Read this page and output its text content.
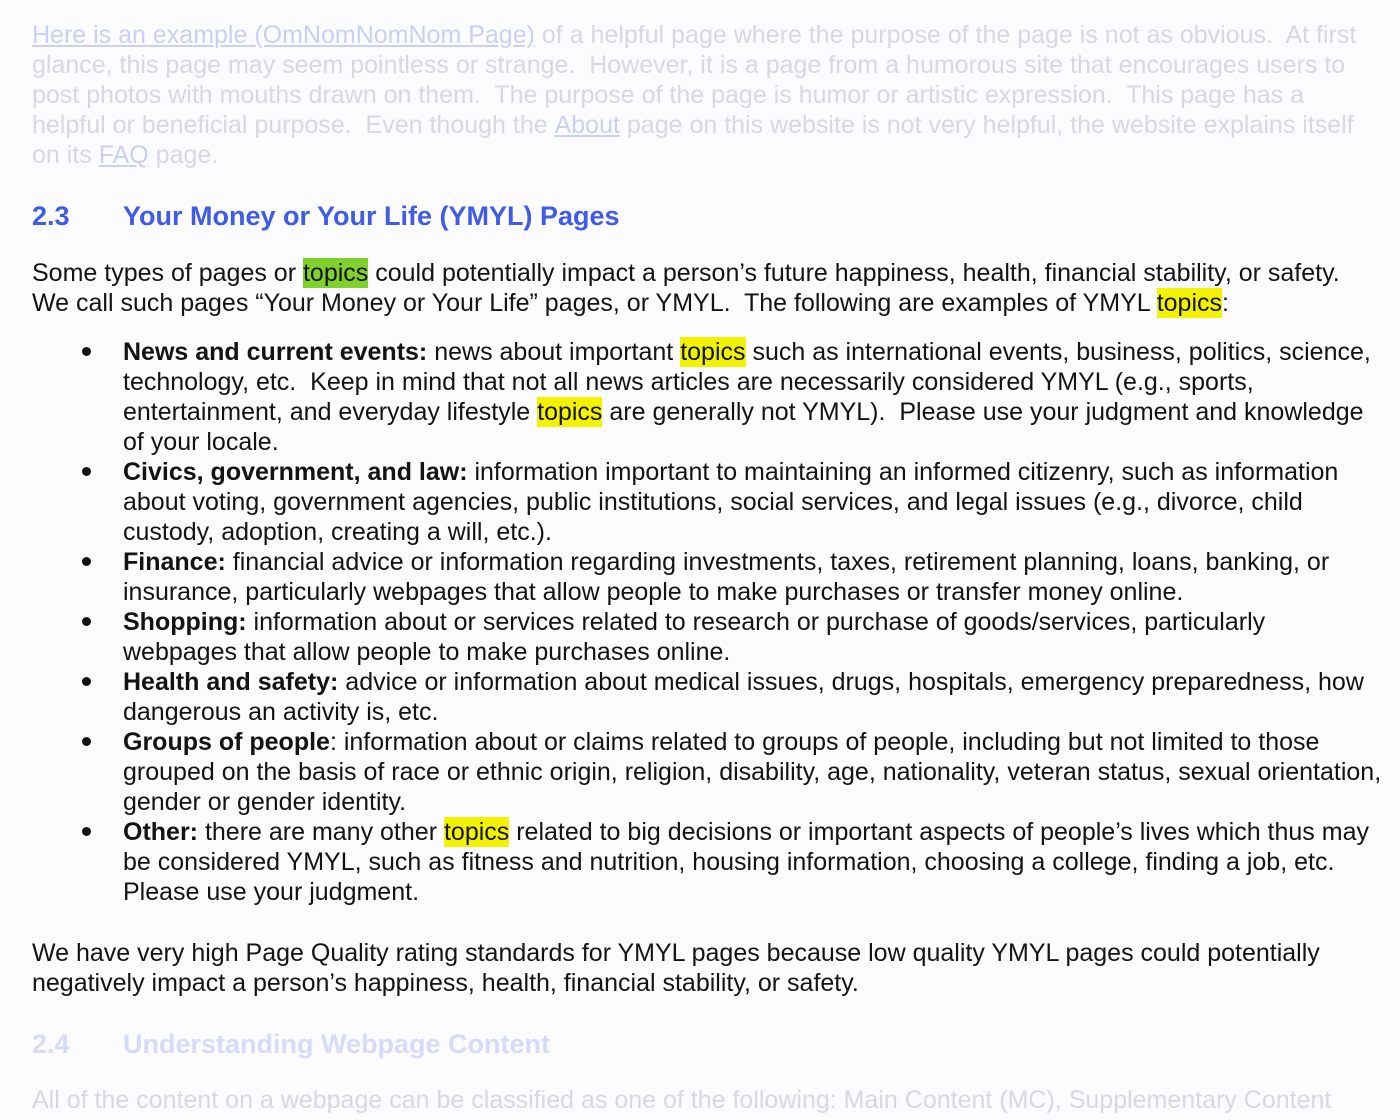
Here is an example (OmNomNomNom Page) of a helpful page where the purpose of the page is not as obvious.  At first
glance, this page may seem pointless or strange.  However, it is a page from a humorous site that encourages users to
post photos with mouths drawn on them.  The purpose of the page is humor or artistic expression.  This page has a
helpful or beneficial purpose.  Even though the About page on this website is not very helpful, the website explains itself
on its FAQ page.
2.3	Your Money or Your Life (YMYL) Pages
Some types of pages or topics could potentially impact a person’s future happiness, health, financial stability, or safety.
We call such pages “Your Money or Your Life” pages, or YMYL.  The following are examples of YMYL topics :
News and current events: news about important topics such as international events, business, politics, science,
technology, etc.  Keep in mind that not all news articles are necessarily considered YMYL (e.g., sports,
entertainment, and everyday lifestyle topics are generally not YMYL).  Please use your judgment and knowledge
of your locale.
Civics, government, and law: information important to maintaining an informed citizenry, such as information
about voting, government agencies, public institutions, social services, and legal issues (e.g., divorce, child
custody, adoption, creating a will, etc.).
Finance: financial advice or information regarding investments, taxes, retirement planning, loans, banking, or
insurance, particularly webpages that allow people to make purchases or transfer money online.
Shopping: information about or services related to research or purchase of goods/services, particularly
webpages that allow people to make purchases online.
Health and safety: advice or information about medical issues, drugs, hospitals, emergency preparedness, how
dangerous an activity is, etc.
Groups of people : information about or claims related to groups of people, including but not limited to those
grouped on the basis of race or ethnic origin, religion, disability, age, nationality, veteran status, sexual orientation,
gender or gender identity.
Other: there are many other topics related to big decisions or important aspects of people’s lives which thus may
be considered YMYL, such as fitness and nutrition, housing information, choosing a college, finding a job, etc.
Please use your judgment.
We have very high Page Quality rating standards for YMYL pages because low quality YMYL pages could potentially
negatively impact a person’s happiness, health, financial stability, or safety.
2.4	Understanding Webpage Content
All of the content on a webpage can be classified as one of the following: Main Content (MC), Supplementary Content
